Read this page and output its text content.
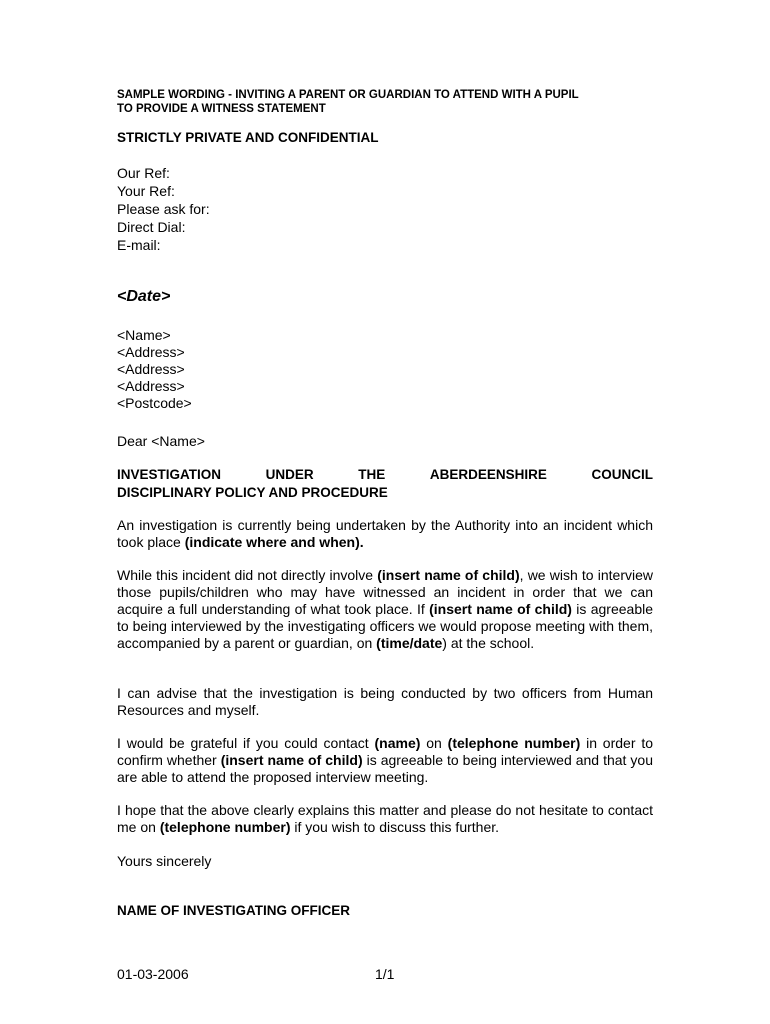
SAMPLE WORDING - INVITING A PARENT OR GUARDIAN TO ATTEND WITH A PUPIL
TO PROVIDE A WITNESS STATEMENT
STRICTLY PRIVATE AND CONFIDENTIAL
Our Ref:
Your Ref:
Please ask for:
Direct Dial:
E-mail:
<Date>
<Name>
<Address>
<Address>
<Address>
<Postcode>
Dear <Name>
INVESTIGATION	UNDER	THE	ABERDEENSHIRE	COUNCIL
DISCIPLINARY POLICY AND PROCEDURE
An investigation is currently being undertaken by the Authority into an incident which took place (indicate where and when).
While this incident did not directly involve (insert name of child), we wish to interview those pupils/children who may have witnessed an incident in order that we can acquire a full understanding of what took place. If (insert name of child) is agreeable to being interviewed by the investigating officers we would propose meeting with them, accompanied by a parent or guardian, on (time/date) at the school.
I can advise that the investigation is being conducted by two officers from Human Resources and myself.
I would be grateful if you could contact (name) on (telephone number) in order to confirm whether (insert name of child) is agreeable to being interviewed and that you are able to attend the proposed interview meeting.
I hope that the above clearly explains this matter and please do not hesitate to contact me on (telephone number) if you wish to discuss this further.
Yours sincerely
NAME OF INVESTIGATING OFFICER
01-03-2006	1/1
